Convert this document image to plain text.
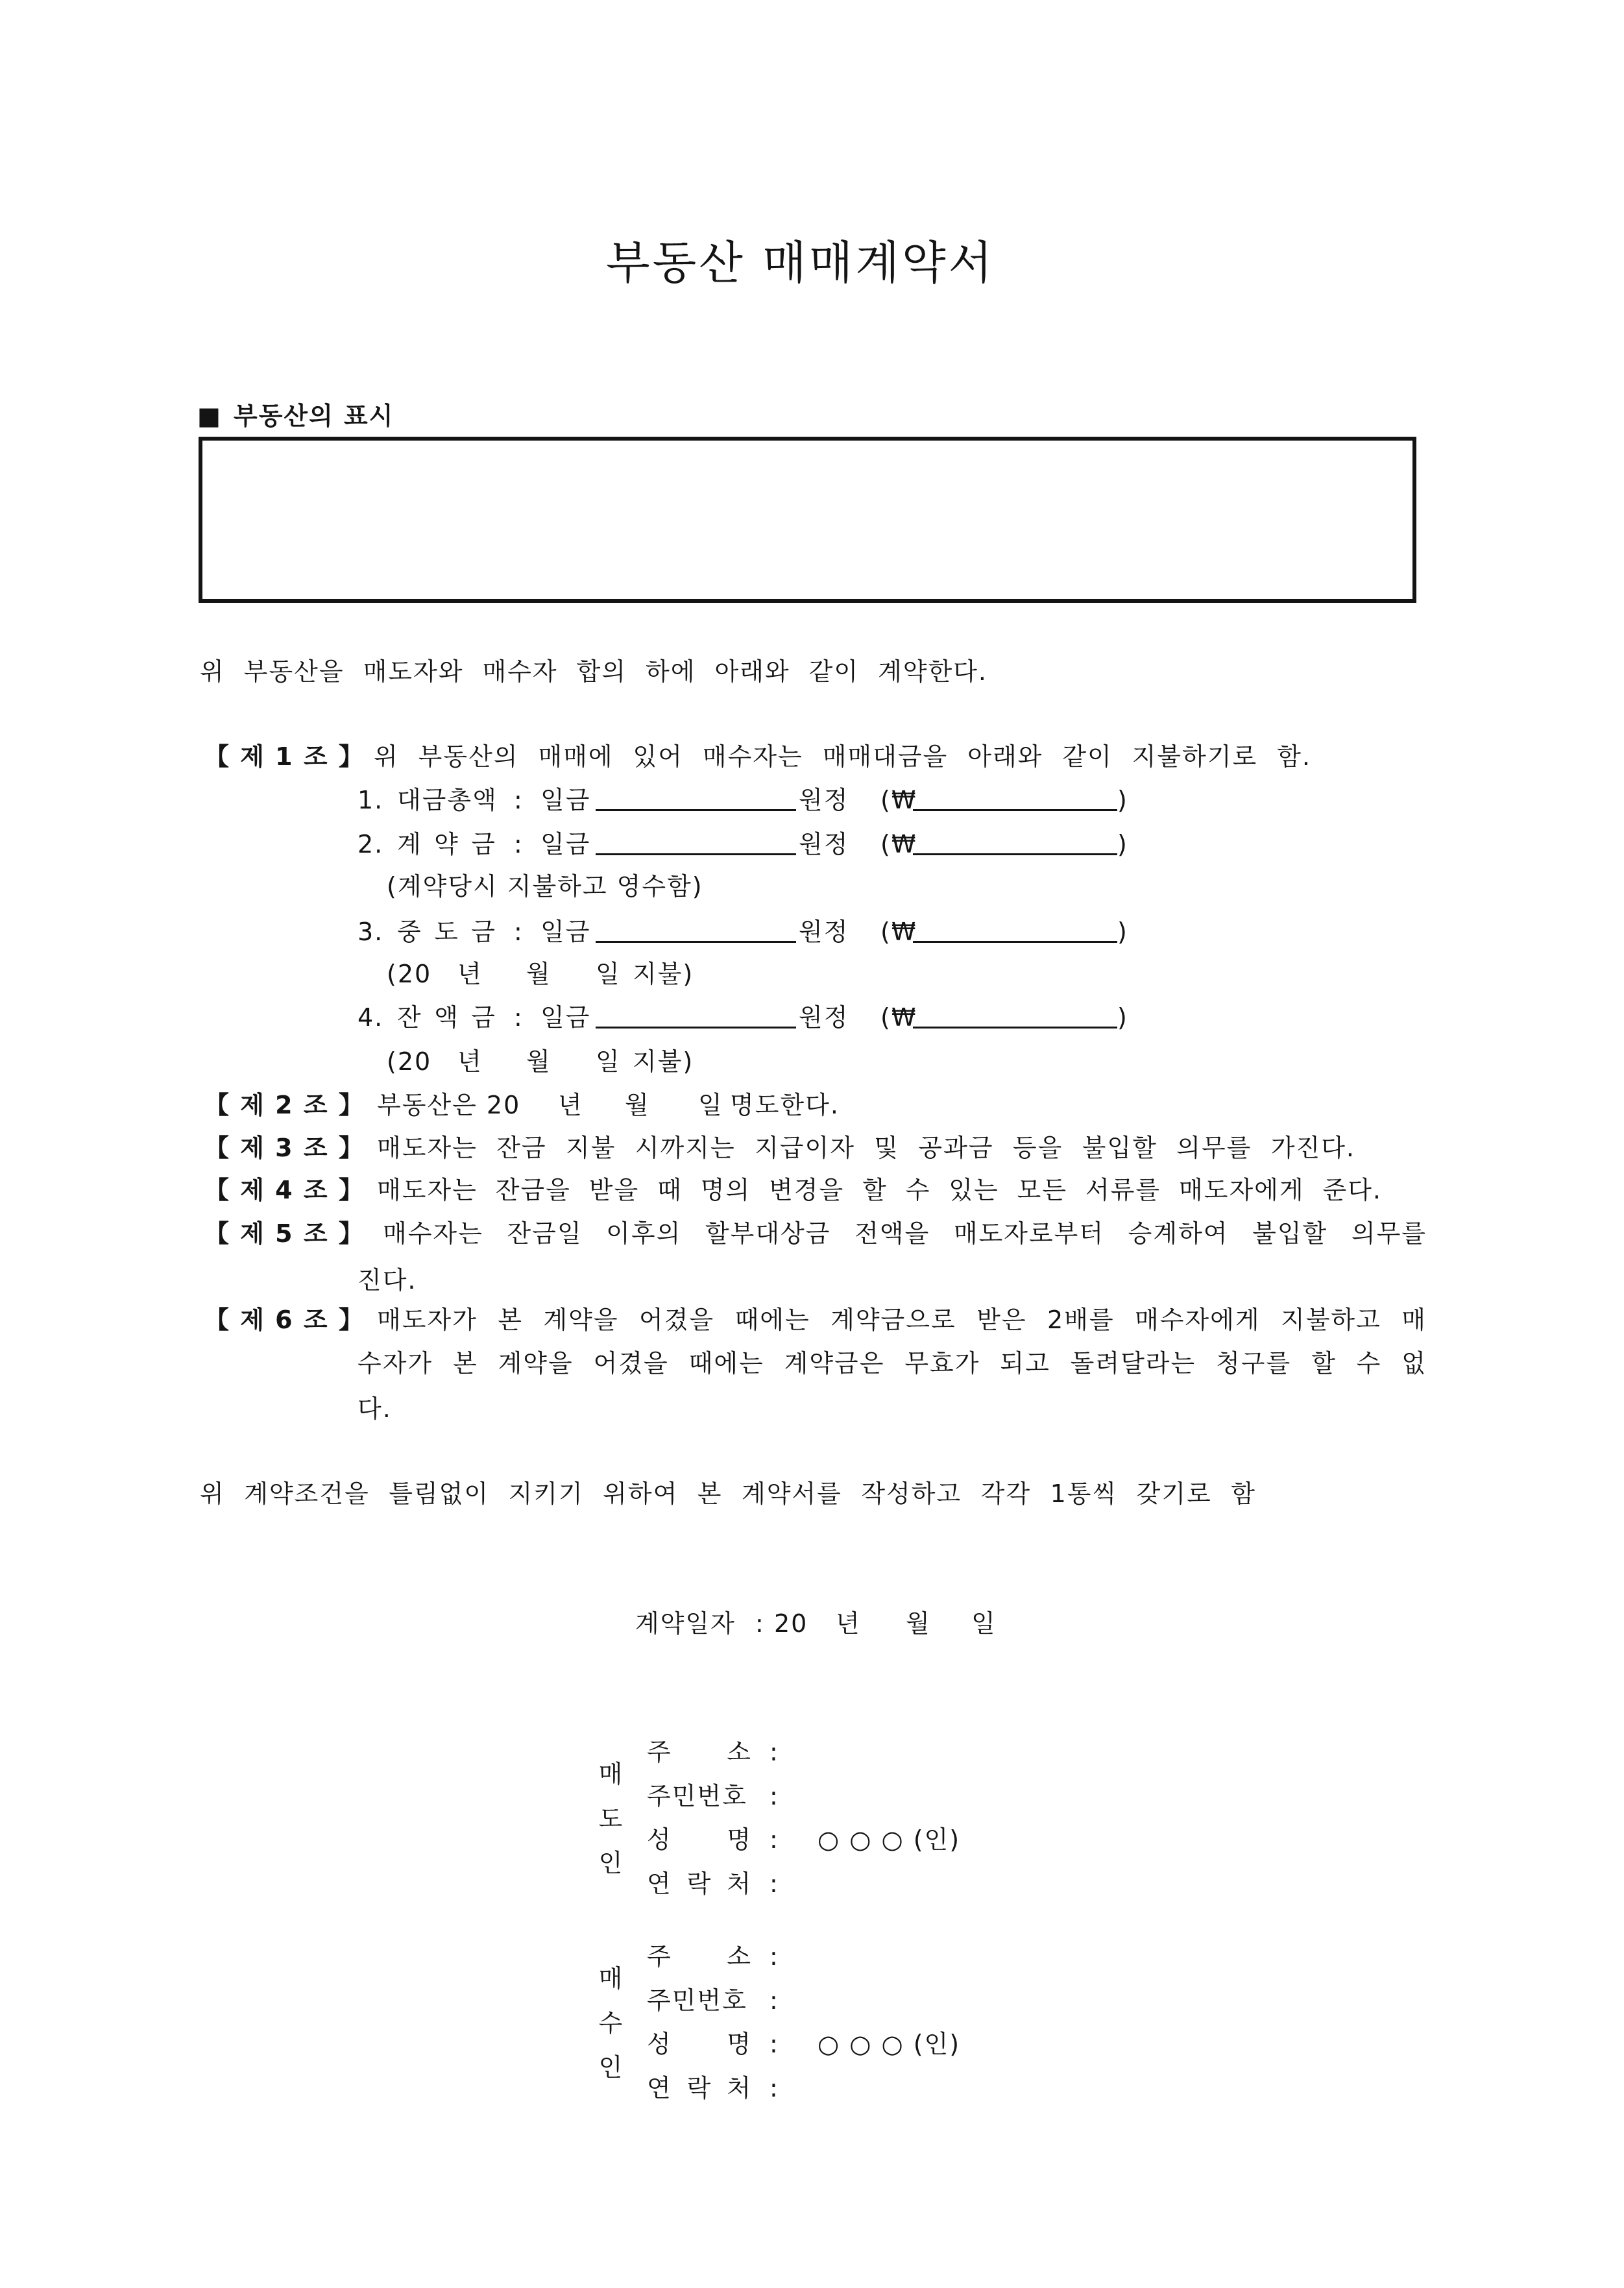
부동산 매매계약서
■ 부동산의 표시
위 부동산을 매도자와 매수자 합의 하에 아래와 같이 계약한다.
【 제 1 조 】 위 부동산의 매매에 있어 매수자는 매매대금을 아래와 같이 지불하기로 함.
1. 대금총액 : 일금	원정 (₩	)
2. 계 약 금 : 일금	원정 (₩	)
(계약당시 지불하고 영수함)
3. 중 도 금 : 일금	원정 (₩	)
(20 년 월 일 지불)
4. 잔 액 금 : 일금	원정 (₩	)
(20 년 월 일 지불)
【 제 2 조 】 부동산은 20 년 월 일 명도한다.
【 제 3 조 】 매도자는 잔금 지불 시까지는 지급이자 및 공과금 등을 불입할 의무를 가진다.
【 제 4 조 】 매도자는 잔금을 받을 때 명의 변경을 할 수 있는 모든 서류를 매도자에게 준다.
【 제 5 조 】 매수자는 잔금일 이후의 할부대상금 전액을 매도자로부터 승계하여 불입할 의무를
진다.
【 제 6 조 】 매도자가 본 계약을 어겼을 때에는 계약금으로 받은 2배를 매수자에게 지불하고 매
수자가 본 계약을 어겼을 때에는 계약금은 무효가 되고 돌려달라는 청구를 할 수 없
다.
위 계약조건을 틀림없이 지키기 위하여 본 계약서를 작성하고 각각 1통씩 갖기로 함
계약일자 : 20 년 월 일
매도인
주 소 :
주민번호 :
성 명 : ○ ○ ○ (인)
연 락 처 :
매수인
주 소 :
주민번호 :
성 명 : ○ ○ ○ (인)
연 락 처 :
